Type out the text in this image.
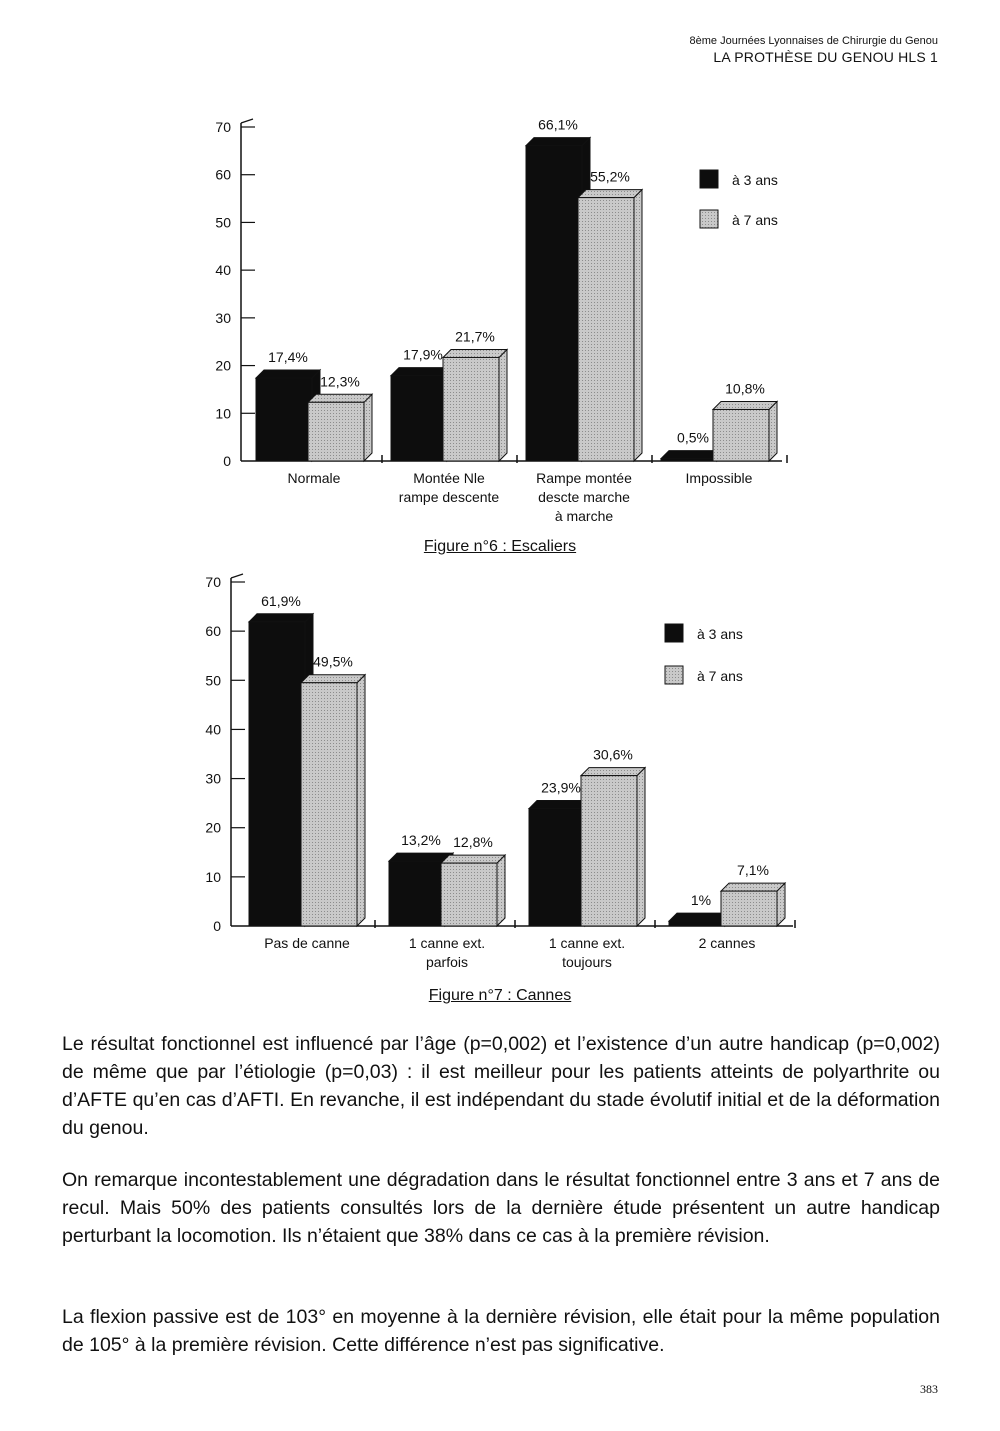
8ème Journées Lyonnaises de Chirurgie du Genou
LA PROTHÈSE DU GENOU HLS 1
0
10
20
30
40
50
60
70
17,4%
12,3%
Normale
17,9%
21,7%
Montée Nle
rampe descente
66,1%
55,2%
Rampe montée
descte marche
à marche
0,5%
10,8%
Impossible
à 3 ans
à 7 ans
Figure n°6 : Escaliers
0
10
20
30
40
50
60
70
61,9%
49,5%
Pas de canne
13,2% 12,8%
1 canne ext.
parfois
23,9%
30,6%
1 canne ext.
toujours
1%
7,1%
2 cannes
à 3 ans
à 7 ans
Figure n°7 : Cannes

Le résultat fonctionnel est influencé par l’âge (p=0,002) et l’existence d’un autre handicap (p=0,002) de même que par l’étiologie (p=0,03) : il est meilleur pour les patients atteints de polyarthrite ou d’AFTE qu’en cas d’AFTI. En revanche, il est indépendant du stade évolutif initial et de la déformation du genou.

On remarque incontestablement une dégradation dans le résultat fonctionnel entre 3 ans et 7 ans de recul. Mais 50% des patients consultés lors de la dernière étude présentent un autre handicap perturbant la locomotion. Ils n’étaient que 38% dans ce cas à la première révision.

La flexion passive est de 103° en moyenne à la dernière révision, elle était pour la même population de 105° à la première révision. Cette différence n’est pas significative.

383
